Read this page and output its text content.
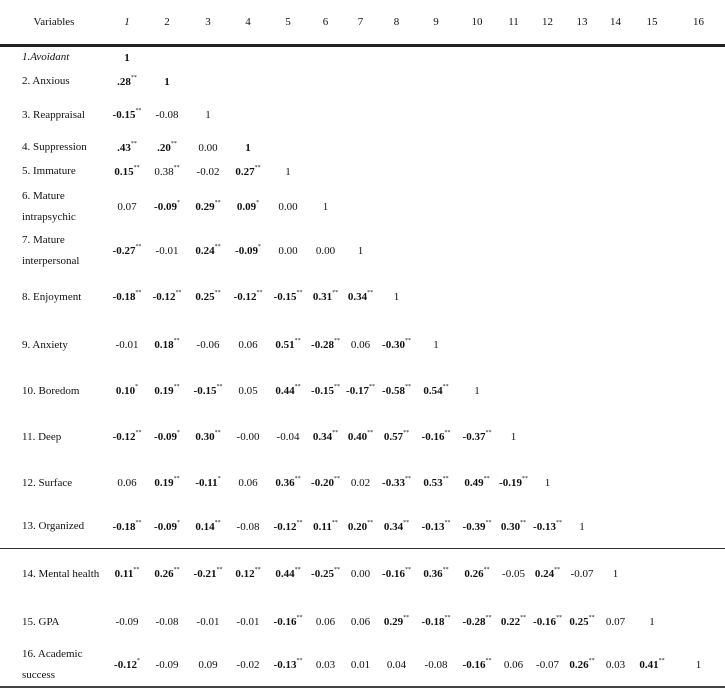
Variables	1	2	3	4	5	6	7	8	9	10	11	12	13	14	15	16
1.Avoidant	1															
2. Anxious	.28**	1														
3. Reappraisal	-0.15**	-0.08	1													
4. Suppression	.43**	.20**	0.00	1												
5. Immature	0.15**	0.38**	-0.02	0.27**	1											
6. Mature intrapsychic	0.07	-0.09*	0.29**	0.09*	0.00	1										
7. Mature interpersonal	-0.27**	-0.01	0.24**	-0.09*	0.00	0.00	1									
8. Enjoyment	-0.18**	-0.12**	0.25**	-0.12**	-0.15**	0.31**	0.34**	1								
9. Anxiety	-0.01	0.18**	-0.06	0.06	0.51**	-0.28**	0.06	-0.30**	1							
10. Boredom	0.10*	0.19**	-0.15**	0.05	0.44**	-0.15**	-0.17**	-0.58**	0.54**	1						
11. Deep	-0.12**	-0.09*	0.30**	-0.00	-0.04	0.34**	0.40**	0.57**	-0.16**	-0.37**	1					
12. Surface	0.06	0.19**	-0.11*	0.06	0.36**	-0.20**	0.02	-0.33**	0.53**	0.49**	-0.19**	1				
13. Organized	-0.18**	-0.09*	0.14**	-0.08	-0.12**	0.11**	0.20**	0.34**	-0.13**	-0.39**	0.30**	-0.13**	1			
14. Mental health	0.11**	0.26**	-0.21**	0.12**	0.44**	-0.25**	0.00	-0.16**	0.36**	0.26**	-0.05	0.24**	-0.07	1		
15. GPA	-0.09	-0.08	-0.01	-0.01	-0.16**	0.06	0.06	0.29**	-0.18**	-0.28**	0.22**	-0.16**	0.25**	0.07	1	
16. Academic success	-0.12*	-0.09	0.09	-0.02	-0.13**	0.03	0.01	0.04	-0.08	-0.16**	0.06	-0.07	0.26**	0.03	0.41**	1
